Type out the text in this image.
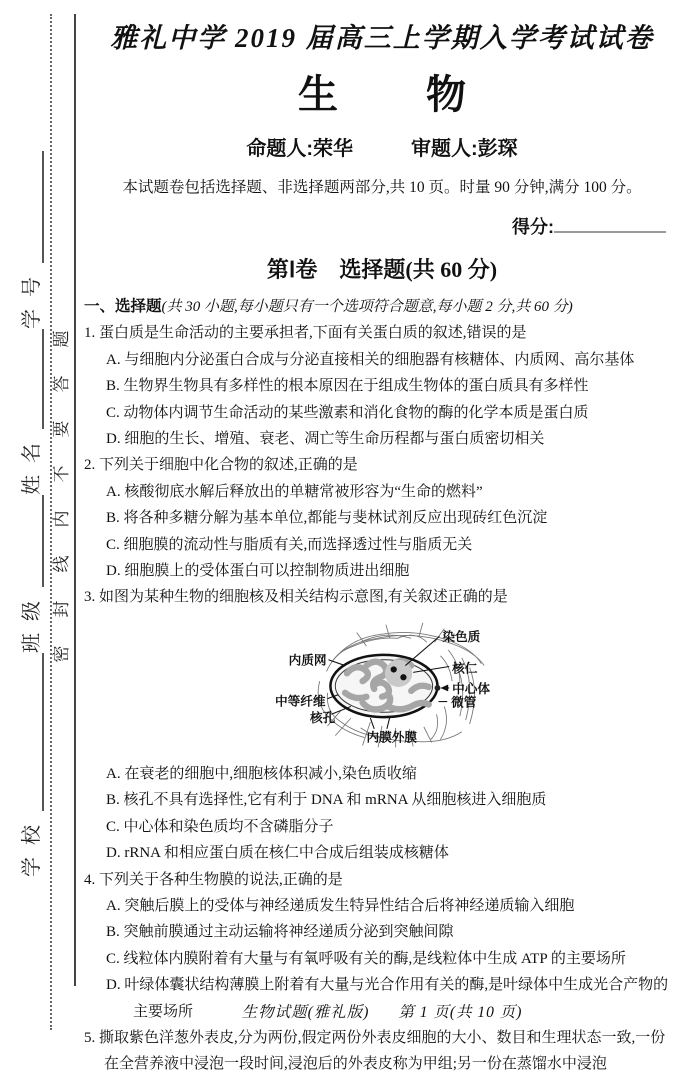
学校
班级
姓名
学号
密封线内不要答题
雅礼中学 2019 届高三上学期入学考试试卷
生物
命题人:荣华	审题人:彭琛
本试题卷包括选择题、非选择题两部分,共 10 页。时量 90 分钟,满分 100 分。
得分:
第Ⅰ卷　选择题(共 60 分)
一、选择题(共 30 小题,每小题只有一个选项符合题意,每小题 2 分,共 60 分)
1. 蛋白质是生命活动的主要承担者,下面有关蛋白质的叙述,错误的是
A. 与细胞内分泌蛋白合成与分泌直接相关的细胞器有核糖体、内质网、高尔基体
B. 生物界生物具有多样性的根本原因在于组成生物体的蛋白质具有多样性
C. 动物体内调节生命活动的某些激素和消化食物的酶的化学本质是蛋白质
D. 细胞的生长、增殖、衰老、凋亡等生命历程都与蛋白质密切相关
2. 下列关于细胞中化合物的叙述,正确的是
A. 核酸彻底水解后释放出的单糖常被形容为“生命的燃料”
B. 将各种多糖分解为基本单位,都能与斐林试剂反应出现砖红色沉淀
C. 细胞膜的流动性与脂质有关,而选择透过性与脂质无关
D. 细胞膜上的受体蛋白可以控制物质进出细胞
3. 如图为某种生物的细胞核及相关结构示意图,有关叙述正确的是
染色质
内质网
核仁
中心体
微管
中等纤维
核孔
内膜外膜
A. 在衰老的细胞中,细胞核体积减小,染色质收缩
B. 核孔不具有选择性,它有利于 DNA 和 mRNA 从细胞核进入细胞质
C. 中心体和染色质均不含磷脂分子
D. rRNA 和相应蛋白质在核仁中合成后组装成核糖体
4. 下列关于各种生物膜的说法,正确的是
A. 突触后膜上的受体与神经递质发生特异性结合后将神经递质输入细胞
B. 突触前膜通过主动运输将神经递质分泌到突触间隙
C. 线粒体内膜附着有大量与有氧呼吸有关的酶,是线粒体中生成 ATP 的主要场所
D. 叶绿体囊状结构薄膜上附着有大量与光合作用有关的酶,是叶绿体中生成光合产物的主要场所
5. 撕取紫色洋葱外表皮,分为两份,假定两份外表皮细胞的大小、数目和生理状态一致,一份在全营养液中浸泡一段时间,浸泡后的外表皮称为甲组;另一份在蒸馏水中浸泡
生物试题(雅礼版) 第 1 页(共 10 页)
